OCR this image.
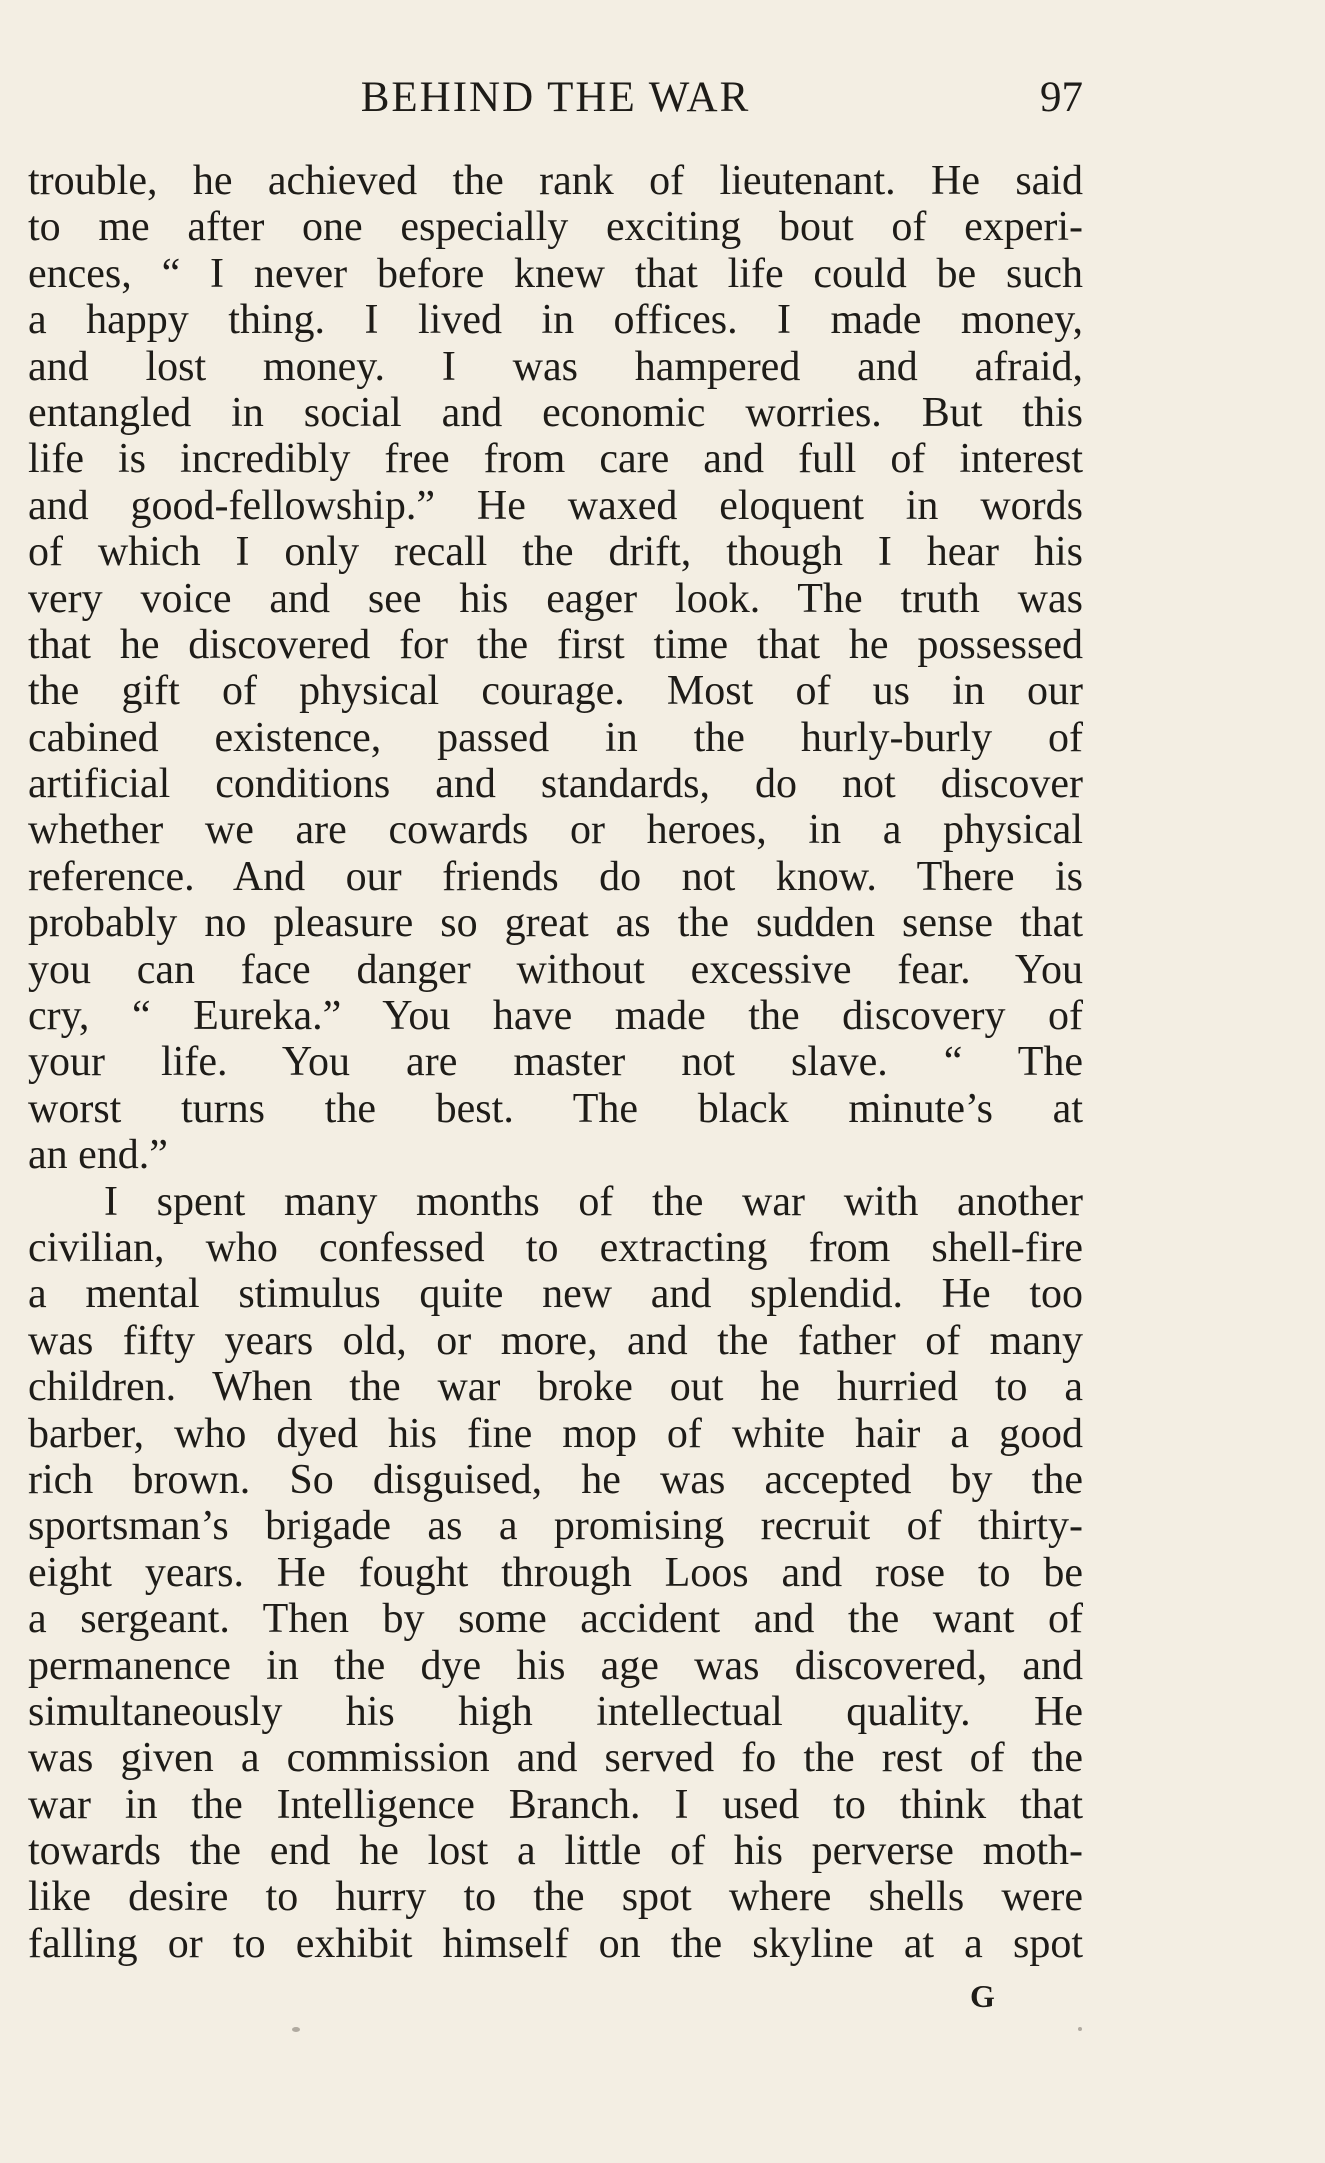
BEHIND THE WAR	97
trouble, he achieved the rank of lieutenant. He said
to me after one especially exciting bout of experi-
ences, “ I never before knew that life could be such
a happy thing. I lived in offices. I made money,
and lost money. I was hampered and afraid,
entangled in social and economic worries. But this
life is incredibly free from care and full of interest
and good-fellowship.” He waxed eloquent in words
of which I only recall the drift, though I hear his
very voice and see his eager look. The truth was
that he discovered for the first time that he possessed
the gift of physical courage. Most of us in our
cabined existence, passed in the hurly-burly of
artificial conditions and standards, do not discover
whether we are cowards or heroes, in a physical
reference. And our friends do not know. There is
probably no pleasure so great as the sudden sense that
you can face danger without excessive fear. You
cry, “ Eureka.” You have made the discovery of
your life. You are master not slave. “ The
worst turns the best. The black minute’s at
an end.”
I spent many months of the war with another
civilian, who confessed to extracting from shell-fire
a mental stimulus quite new and splendid. He too
was fifty years old, or more, and the father of many
children. When the war broke out he hurried to a
barber, who dyed his fine mop of white hair a good
rich brown. So disguised, he was accepted by the
sportsman’s brigade as a promising recruit of thirty-
eight years. He fought through Loos and rose to be
a sergeant. Then by some accident and the want of
permanence in the dye his age was discovered, and
simultaneously his high intellectual quality. He
was given a commission and served fo the rest of the
war in the Intelligence Branch. I used to think that
towards the end he lost a little of his perverse moth-
like desire to hurry to the spot where shells were
falling or to exhibit himself on the skyline at a spot
G
